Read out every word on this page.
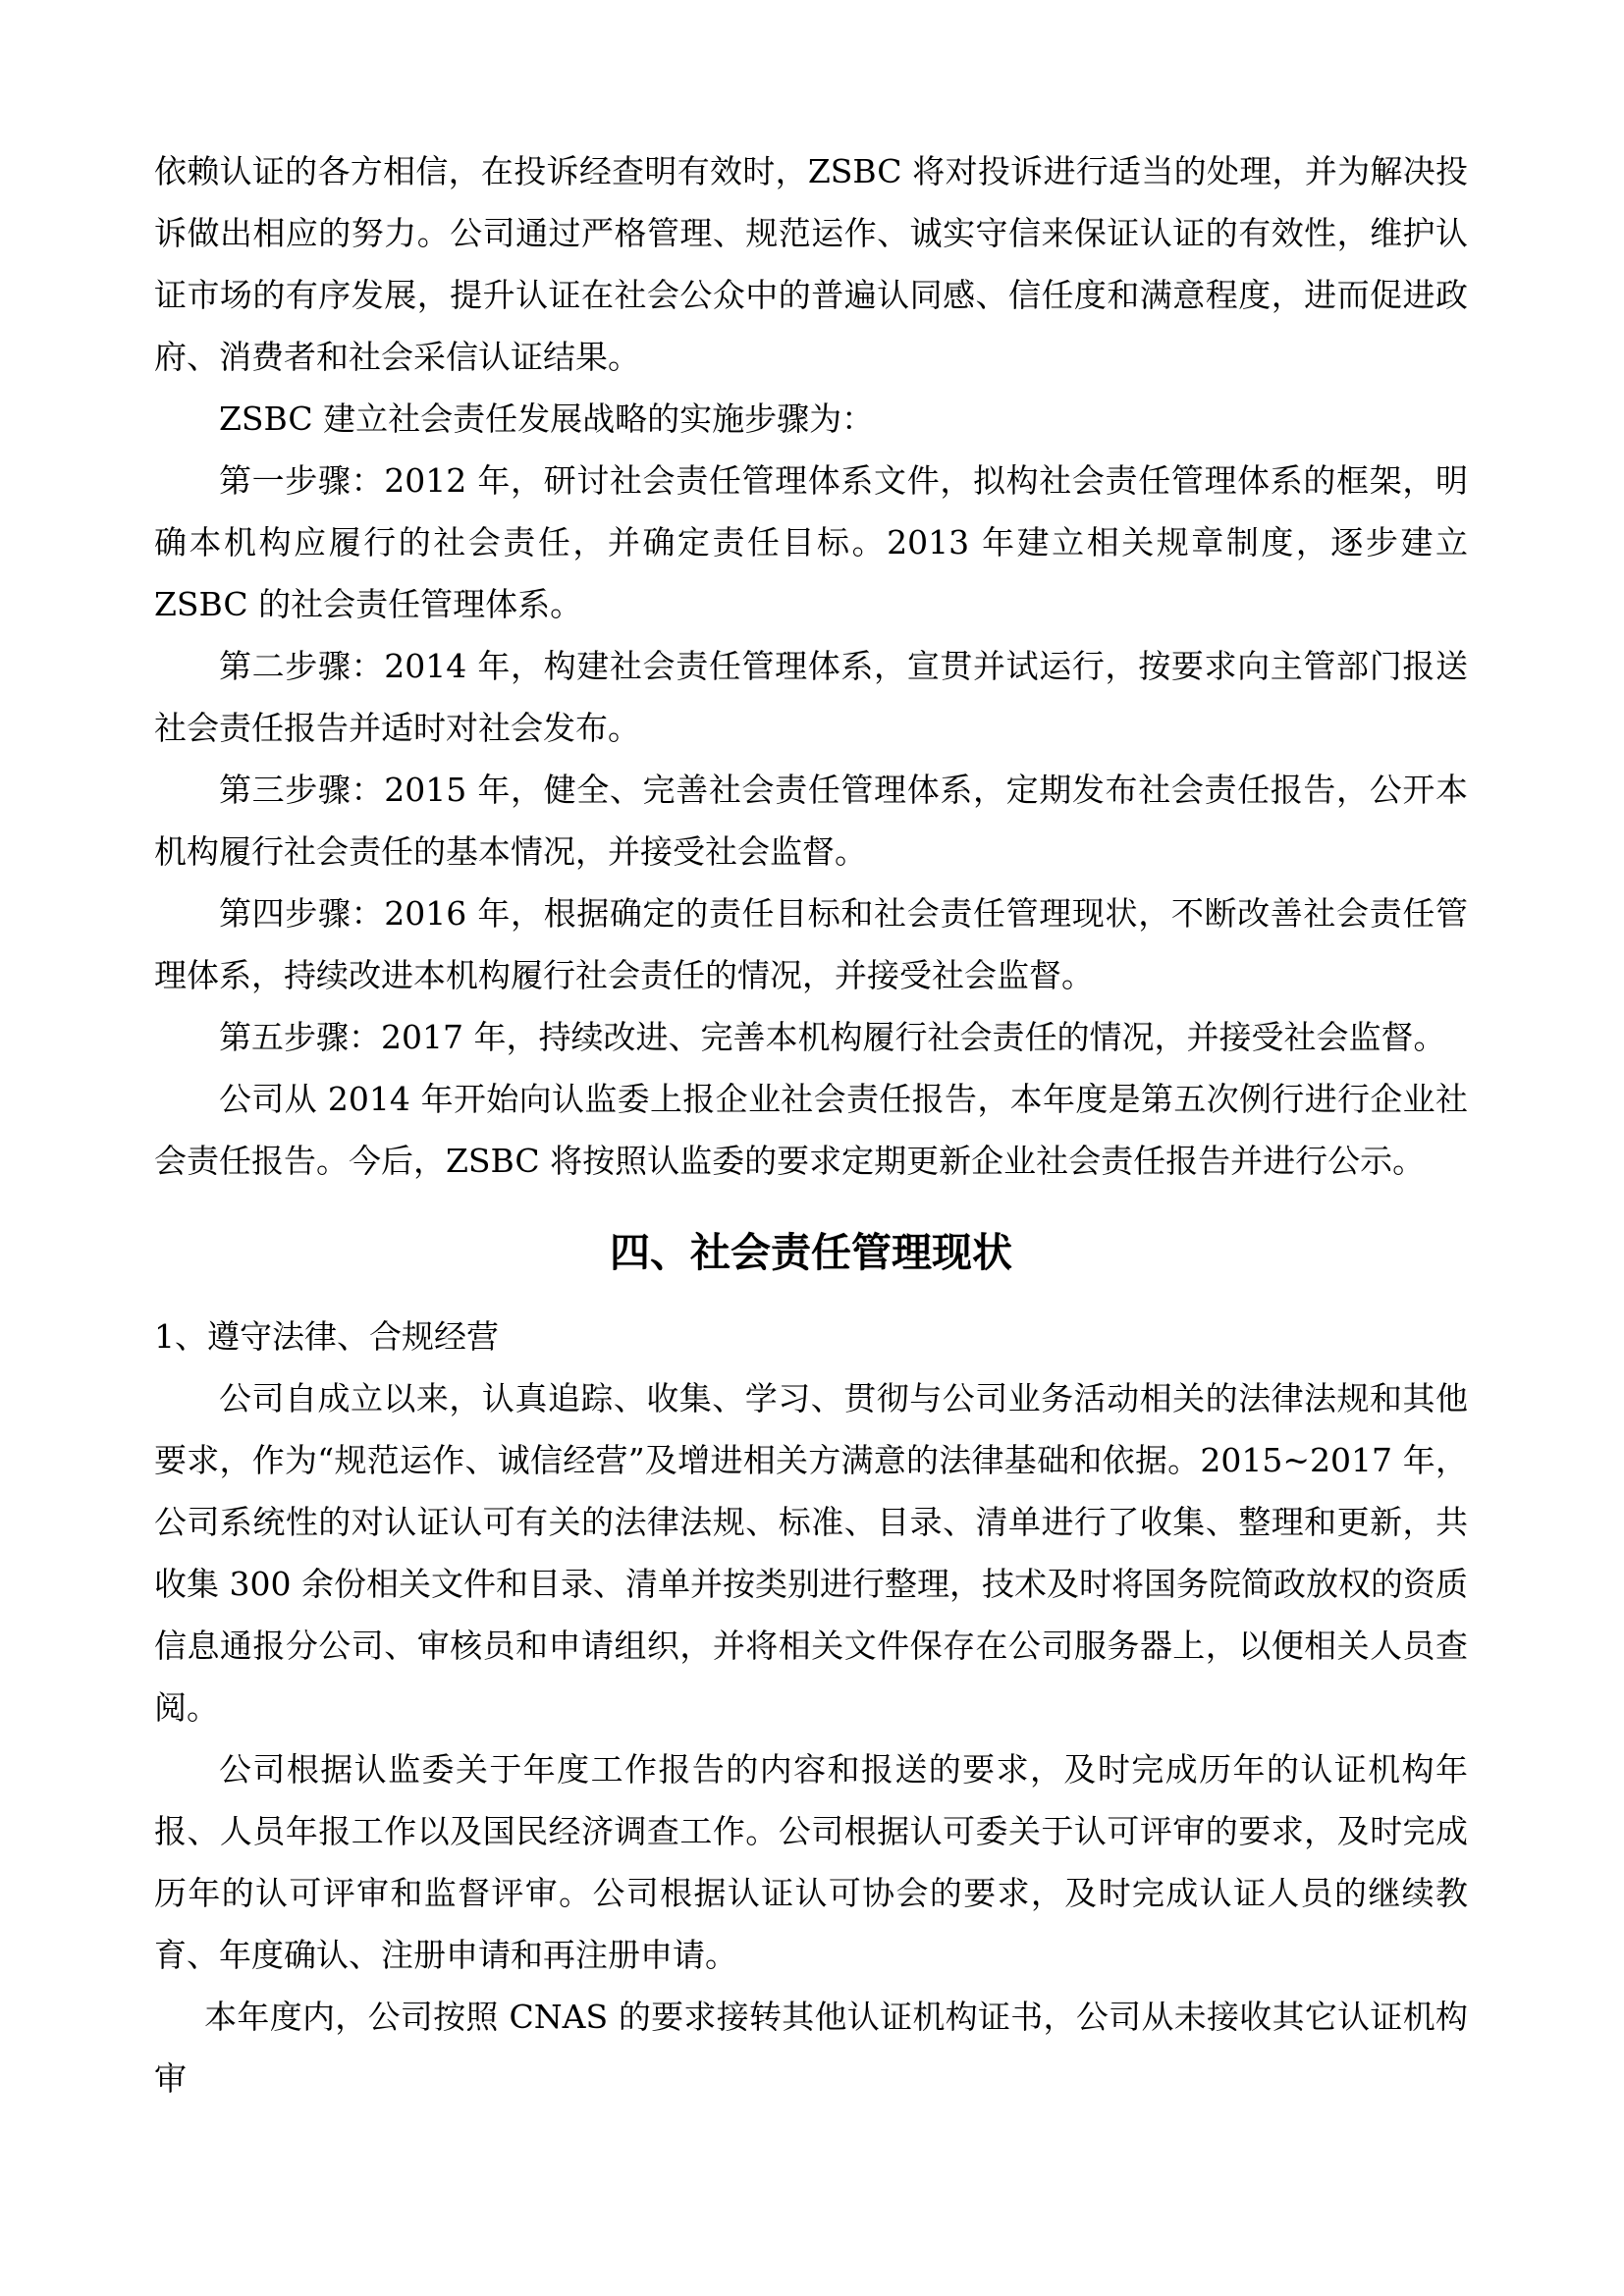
依赖认证的各方相信，在投诉经查明有效时，ZSBC 将对投诉进行适当的处理，并为解决投诉做出相应的努力。公司通过严格管理、规范运作、诚实守信来保证认证的有效性，维护认证市场的有序发展，提升认证在社会公众中的普遍认同感、信任度和满意程度，进而促进政府、消费者和社会采信认证结果。

ZSBC 建立社会责任发展战略的实施步骤为：

第一步骤：2012 年，研讨社会责任管理体系文件，拟构社会责任管理体系的框架，明确本机构应履行的社会责任，并确定责任目标。2013 年建立相关规章制度，逐步建立 ZSBC 的社会责任管理体系。

第二步骤：2014 年，构建社会责任管理体系，宣贯并试运行，按要求向主管部门报送社会责任报告并适时对社会发布。

第三步骤：2015 年，健全、完善社会责任管理体系，定期发布社会责任报告，公开本机构履行社会责任的基本情况，并接受社会监督。

第四步骤：2016 年，根据确定的责任目标和社会责任管理现状，不断改善社会责任管理体系，持续改进本机构履行社会责任的情况，并接受社会监督。

第五步骤：2017 年，持续改进、完善本机构履行社会责任的情况，并接受社会监督。

公司从 2014 年开始向认监委上报企业社会责任报告，本年度是第五次例行进行企业社会责任报告。今后，ZSBC 将按照认监委的要求定期更新企业社会责任报告并进行公示。

四、社会责任管理现状

1、遵守法律、合规经营

公司自成立以来，认真追踪、收集、学习、贯彻与公司业务活动相关的法律法规和其他要求，作为“规范运作、诚信经营”及增进相关方满意的法律基础和依据。2015~2017 年，公司系统性的对认证认可有关的法律法规、标准、目录、清单进行了收集、整理和更新，共收集 300 余份相关文件和目录、清单并按类别进行整理，技术及时将国务院简政放权的资质信息通报分公司、审核员和申请组织，并将相关文件保存在公司服务器上，以便相关人员查阅。

公司根据认监委关于年度工作报告的内容和报送的要求，及时完成历年的认证机构年报、人员年报工作以及国民经济调查工作。公司根据认可委关于认可评审的要求，及时完成历年的认可评审和监督评审。公司根据认证认可协会的要求，及时完成认证人员的继续教育、年度确认、注册申请和再注册申请。

本年度内，公司按照 CNAS 的要求接转其他认证机构证书，公司从未接收其它认证机构审
